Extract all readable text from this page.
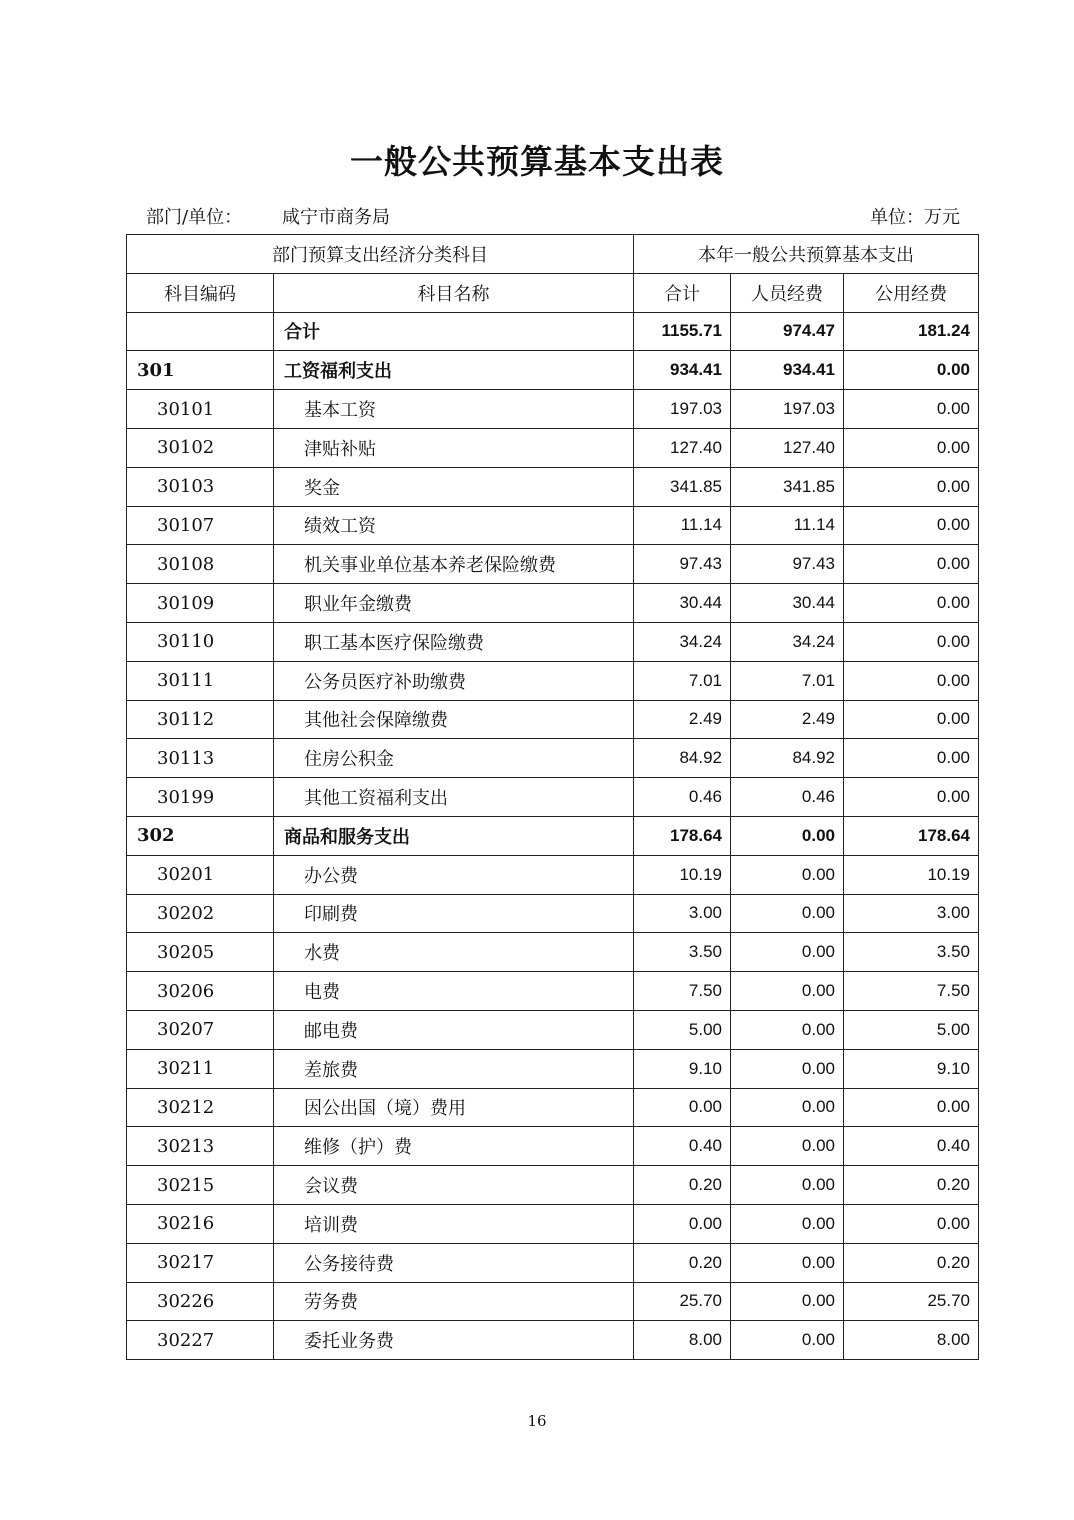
一般公共预算基本支出表
部门/单位： 咸宁市商务局	单位：万元
部门预算支出经济分类科目		本年一般公共预算基本支出		
科目编码	科目名称	合计	人员经费	公用经费
	合计	1155.71	974.47	181.24
301	工资福利支出	934.41	934.41	0.00
30101	基本工资	197.03	197.03	0.00
30102	津贴补贴	127.40	127.40	0.00
30103	奖金	341.85	341.85	0.00
30107	绩效工资	11.14	11.14	0.00
30108	机关事业单位基本养老保险缴费	97.43	97.43	0.00
30109	职业年金缴费	30.44	30.44	0.00
30110	职工基本医疗保险缴费	34.24	34.24	0.00
30111	公务员医疗补助缴费	7.01	7.01	0.00
30112	其他社会保障缴费	2.49	2.49	0.00
30113	住房公积金	84.92	84.92	0.00
30199	其他工资福利支出	0.46	0.46	0.00
302	商品和服务支出	178.64	0.00	178.64
30201	办公费	10.19	0.00	10.19
30202	印刷费	3.00	0.00	3.00
30205	水费	3.50	0.00	3.50
30206	电费	7.50	0.00	7.50
30207	邮电费	5.00	0.00	5.00
30211	差旅费	9.10	0.00	9.10
30212	因公出国（境）费用	0.00	0.00	0.00
30213	维修（护）费	0.40	0.00	0.40
30215	会议费	0.20	0.00	0.20
30216	培训费	0.00	0.00	0.00
30217	公务接待费	0.20	0.00	0.20
30226	劳务费	25.70	0.00	25.70
30227	委托业务费	8.00	0.00	8.00
16
